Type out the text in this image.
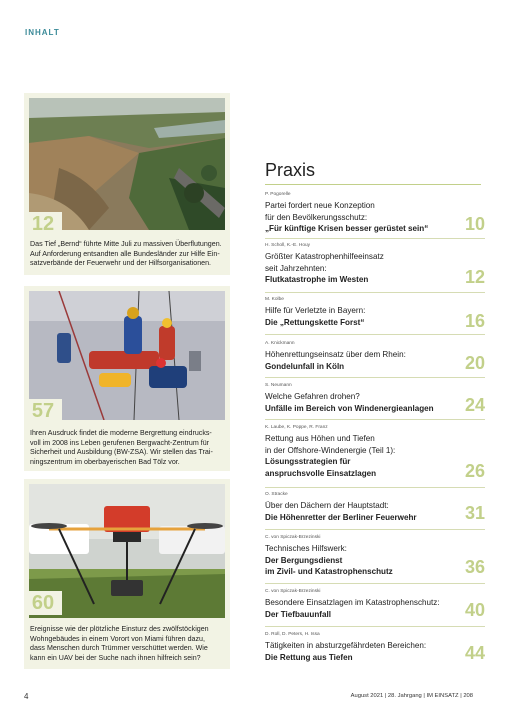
INHALT
12
Das Tief „Bernd“ führte Mitte Juli zu massiven Überflutungen.
Auf Anforderung entsandten alle Bundesländer zur Hilfe Ein-
satzverbände der Feuerwehr und der Hilfsorganisationen.
57
Ihren Ausdruck findet die moderne Bergrettung eindrucks-
voll im 2008 ins Leben gerufenen Bergwacht-Zentrum für
Sicherheit und Ausbildung (BW-ZSA). Wir stellen das Trai-
ningszentrum im oberbayerischen Bad Tölz vor.
60
Ereignisse wie der plötzliche Einsturz des zwölfstöckigen
Wohngebäudes in einem Vorort von Miami führen dazu,
dass Menschen durch Trümmer verschüttet werden. Wie
kann ein UAV bei der Suche nach ihnen hilfreich sein?
Praxis
P. Pogorelle
Partei fordert neue Konzeption
für den Bevölkerungsschutz:
„Für künftige Krisen besser gerüstet sein“	10
H. Scholl, K.-E. Houy
Größter Katastrophenhilfeeinsatz
seit Jahrzehnten:
Flutkatastrophe im Westen	12
M. Kolbe
Hilfe für Verletzte in Bayern:
Die „Rettungskette Forst“	16
A. Knickmann
Höhenrettungseinsatz über dem Rhein:
Gondelunfall in Köln	20
S. Neumann
Welche Gefahren drohen?
Unfälle im Bereich von Windenergieanlagen	24
K. Laube, K. Poppe, R. Franz
Rettung aus Höhen und Tiefen
in der Offshore-Windenergie (Teil 1):
Lösungsstrategien für
anspruchsvolle Einsatzlagen	26
O. Stracke
Über den Dächern der Hauptstadt:
Die Höhenretter der Berliner Feuerwehr	31
C. von Spiczak-Brzezinski
Technisches Hilfswerk:
Der Bergungsdienst
im Zivil- und Katastrophenschutz	36
C. von Spiczak-Brzezinski
Besondere Einsatzlagen im Katastrophenschutz:
Der Tiefbauunfall	40
D. Roll, D. Peters, H. Issa
Tätigkeiten in absturzgefährdeten Bereichen:
Die Rettung aus Tiefen	44
4	August 2021 | 28. Jahrgang | IM EINSATZ | 208
